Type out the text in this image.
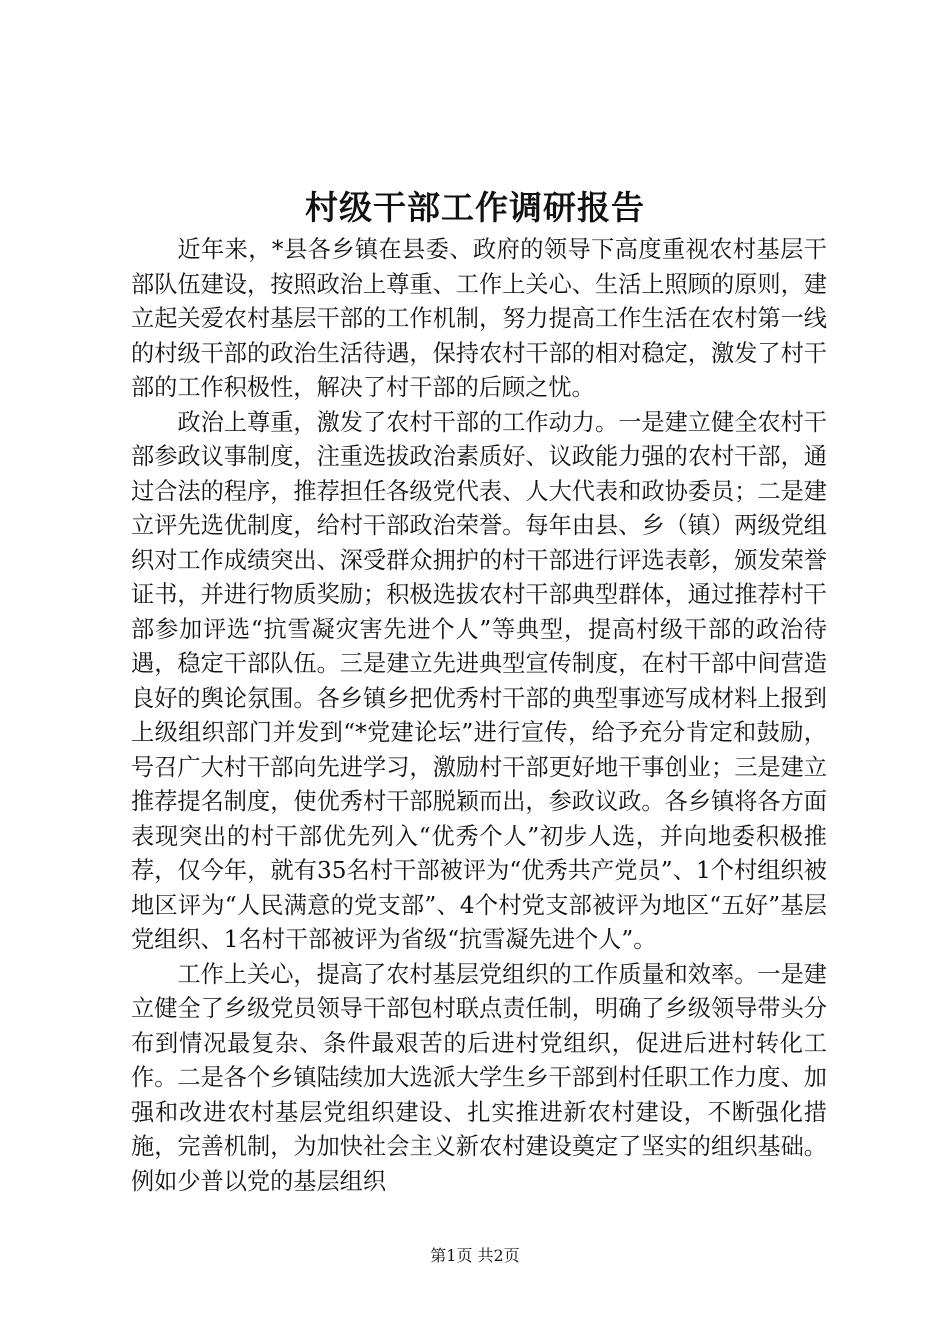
村级干部工作调研报告

近年来，*县各乡镇在县委、政府的领导下高度重视农村基层干部队伍建设，按照政治上尊重、工作上关心、生活上照顾的原则，建立起关爱农村基层干部的工作机制，努力提高工作生活在农村第一线的村级干部的政治生活待遇，保持农村干部的相对稳定，激发了村干部的工作积极性，解决了村干部的后顾之忧。

政治上尊重，激发了农村干部的工作动力。一是建立健全农村干部参政议事制度，注重选拔政治素质好、议政能力强的农村干部，通过合法的程序，推荐担任各级党代表、人大代表和政协委员；二是建立评先选优制度，给村干部政治荣誉。每年由县、乡（镇）两级党组织对工作成绩突出、深受群众拥护的村干部进行评选表彰，颁发荣誉证书，并进行物质奖励；积极选拔农村干部典型群体，通过推荐村干部参加评选“抗雪凝灾害先进个人”等典型，提高村级干部的政治待遇，稳定干部队伍。三是建立先进典型宣传制度，在村干部中间营造良好的舆论氛围。各乡镇乡把优秀村干部的典型事迹写成材料上报到上级组织部门并发到“*党建论坛”进行宣传，给予充分肯定和鼓励，号召广大村干部向先进学习，激励村干部更好地干事创业；三是建立推荐提名制度，使优秀村干部脱颖而出，参政议政。各乡镇将各方面表现突出的村干部优先列入“优秀个人”初步人选，并向地委积极推荐，仅今年，就有35名村干部被评为“优秀共产党员”、1个村组织被地区评为“人民满意的党支部”、4个村党支部被评为地区“五好”基层党组织、1名村干部被评为省级“抗雪凝先进个人”。

工作上关心，提高了农村基层党组织的工作质量和效率。一是建立健全了乡级党员领导干部包村联点责任制，明确了乡级领导带头分布到情况最复杂、条件最艰苦的后进村党组织，促进后进村转化工作。二是各个乡镇陆续加大选派大学生乡干部到村任职工作力度、加强和改进农村基层党组织建设、扎实推进新农村建设，不断强化措施，完善机制，为加快社会主义新农村建设奠定了坚实的组织基础。例如少普以党的基层组织

第1页 共2页
